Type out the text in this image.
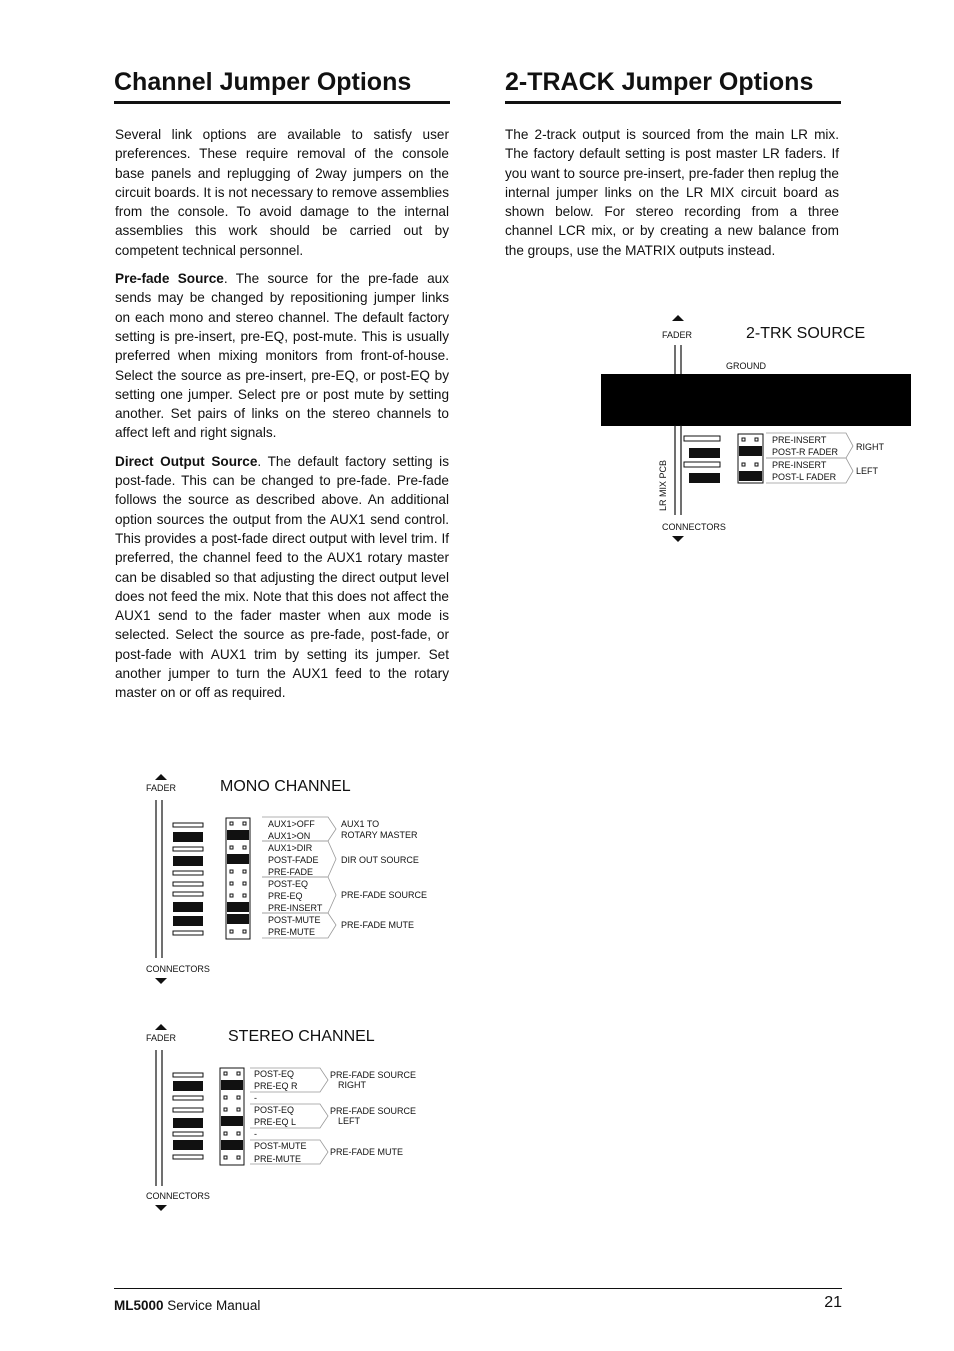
Channel Jumper Options	2-TRACK Jumper Options

Several link options are available to satisfy user preferences. These require removal of the console base panels and replugging of 2way jumpers on the circuit boards. It is not necessary to remove assemblies from the console. To avoid damage to the internal assemblies this work should be carried out by competent technical personnel.

Pre-fade Source. The source for the pre-fade aux sends may be changed by repositioning jumper links on each mono and stereo channel. The default factory setting is pre-insert, pre-EQ, post-mute. This is usually preferred when mixing monitors from front-of-house. Select the source as pre-insert, pre-EQ, or post-EQ by setting one jumper. Select pre or post mute by setting another. Set pairs of links on the stereo channels to affect left and right signals.

Direct Output Source. The default factory setting is post-fade. This can be changed to pre-fade. Pre-fade follows the source as described above. An additional option sources the output from the AUX1 send control. This provides a post-fade direct output with level trim. If preferred, the channel feed to the AUX1 rotary master can be disabled so that adjusting the direct output level does not feed the mix. Note that this does not affect the AUX1 send to the fader master when aux mode is selected. Select the source as pre-fade, post-fade, or post-fade with AUX1 trim by setting its jumper. Set another jumper to turn the AUX1 feed to the rotary master on or off as required.

The 2-track output is sourced from the main LR mix. The factory default setting is post master LR faders. If you want to source pre-insert, pre-fader then replug the internal jumper links on the LR MIX circuit board as shown below. For stereo recording from a three channel LCR mix, or by creating a new balance from the groups, use the MATRIX outputs instead.

FADER	2-TRK SOURCE
GROUND
LR MIX PCB
PRE-INSERT
POST-R FADER
PRE-INSERT
POST-L FADER
RIGHT
LEFT
CONNECTORS
FADER	MONO CHANNEL
AUX1>OFF
AUX1>ON
AUX1>DIR
POST-FADE
PRE-FADE
POST-EQ
PRE-EQ
PRE-INSERT
POST-MUTE
PRE-MUTE
AUX1 TO
ROTARY MASTER
DIR OUT SOURCE
PRE-FADE SOURCE
PRE-FADE MUTE
CONNECTORS
FADER	STEREO CHANNEL
POST-EQ
PRE-EQ R
-
POST-EQ
PRE-EQ L
-
POST-MUTE
PRE-MUTE
PRE-FADE SOURCE
RIGHT
PRE-FADE SOURCE
LEFT
PRE-FADE MUTE
CONNECTORS
ML5000 Service Manual	21
